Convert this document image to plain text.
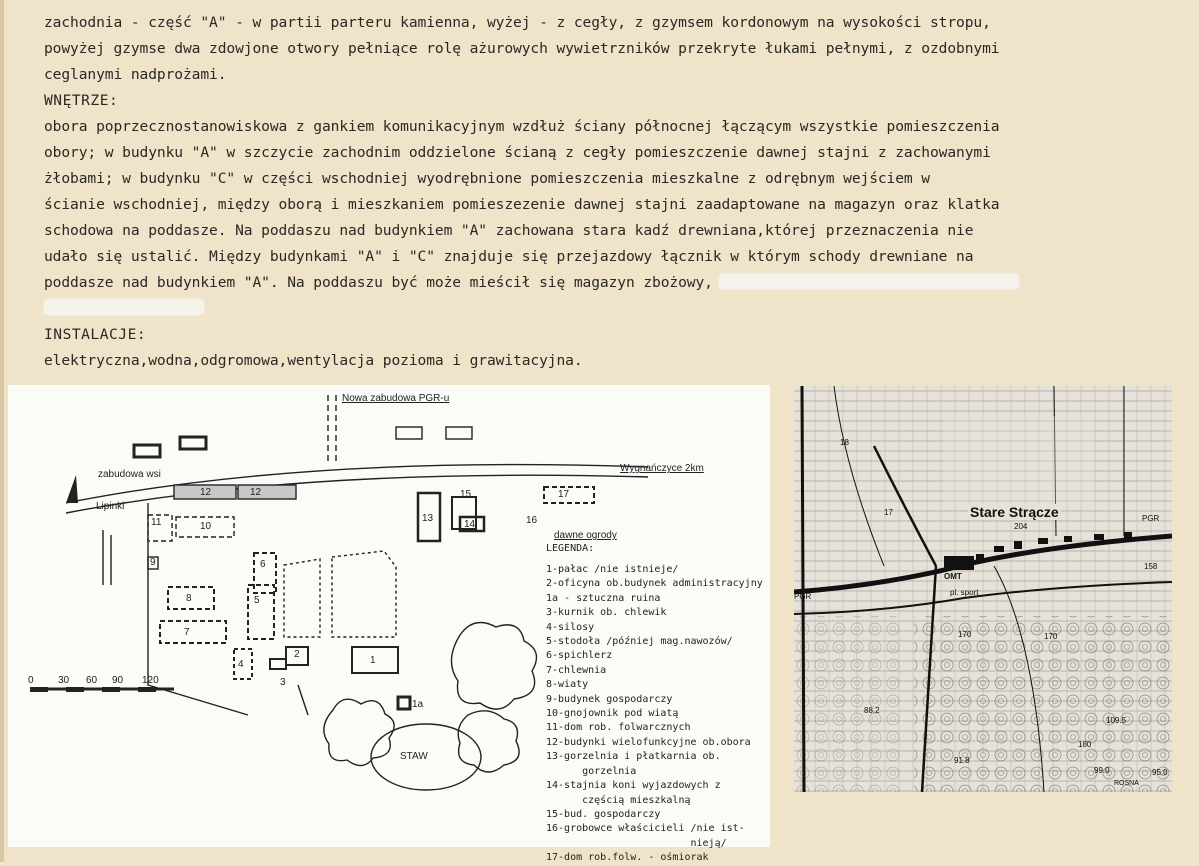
zachodnia - część "A" - w partii parteru kamienna, wyżej - z cegły, z gzymsem kordonowym na wysokości stropu,

powyżej gzymse dwa zdowjone otwory pełniące rolę ażurowych wywietrzników przekryte łukami pełnymi, z ozdobnymi

ceglanymi nadprożami.

WNĘTRZE:

obora poprzecznostanowiskowa z gankiem komunikacyjnym wzdłuż ściany północnej łączącym wszystkie pomieszczenia

obory; w budynku "A" w szczycie zachodnim oddzielone ścianą z cegły pomieszczenie dawnej stajni z zachowanymi

żłobami; w budynku "C" w części wschodniej wyodrębnione pomieszczenia mieszkalne z odrębnym wejściem w

ścianie wschodniej, między oborą i mieszkaniem pomieszezenie dawnej stajni zaadaptowane na magazyn oraz klatka

schodowa na poddasze. Na poddaszu nad budynkiem "A" zachowana stara kadź drewniana,której przeznaczenia nie

udało się ustalić. Między budynkami "A" i "C" znajduje się przejazdowy łącznik w którym schody drewniane na

poddasze nad budynkiem "A". Na poddaszu być może mieścił się magazyn zbożowy,

INSTALACJE:

elektryczna,wodna,odgromowa,wentylacja pozioma i grawitacyjna.

Nowa zabudowa PGR-u
zabudowa wsi
Lipinki
Wygnańczyce 2km
dawne ogrody
STAW
12	12
11	10
9
8
7
6
5
4
3
2
1
1a
13
14
15
16
17
0 30 60 90 120
LEGENDA:
1-pałac /nie istnieje/
2-oficyna ob.budynek administracyjny
1a - sztuczna ruina
3-kurnik ob. chlewik
4-silosy
5-stodoła /później mag.nawozów/
6-spichlerz
7-chlewnia
8-wiaty
9-budynek gospodarczy
10-gnojownik pod wiatą
11-dom rob. folwarcznych
12-budynki wielofunkcyjne ob.obora
13-gorzelnia i płatkarnia ob.
gorzelnia
14-stajnia koni wyjazdowych z
częścią mieszkalną
15-bud. gospodarczy
16-grobowce właścicieli /nie ist-
nieją/
17-dom rob.folw. - ośmiorak
Stare Strącze
204
PGR
OMT
pl. sport
170	170
PGR
158
17
18
88.2
91.8
109.5
180
99.0	95.0
ROSNA
